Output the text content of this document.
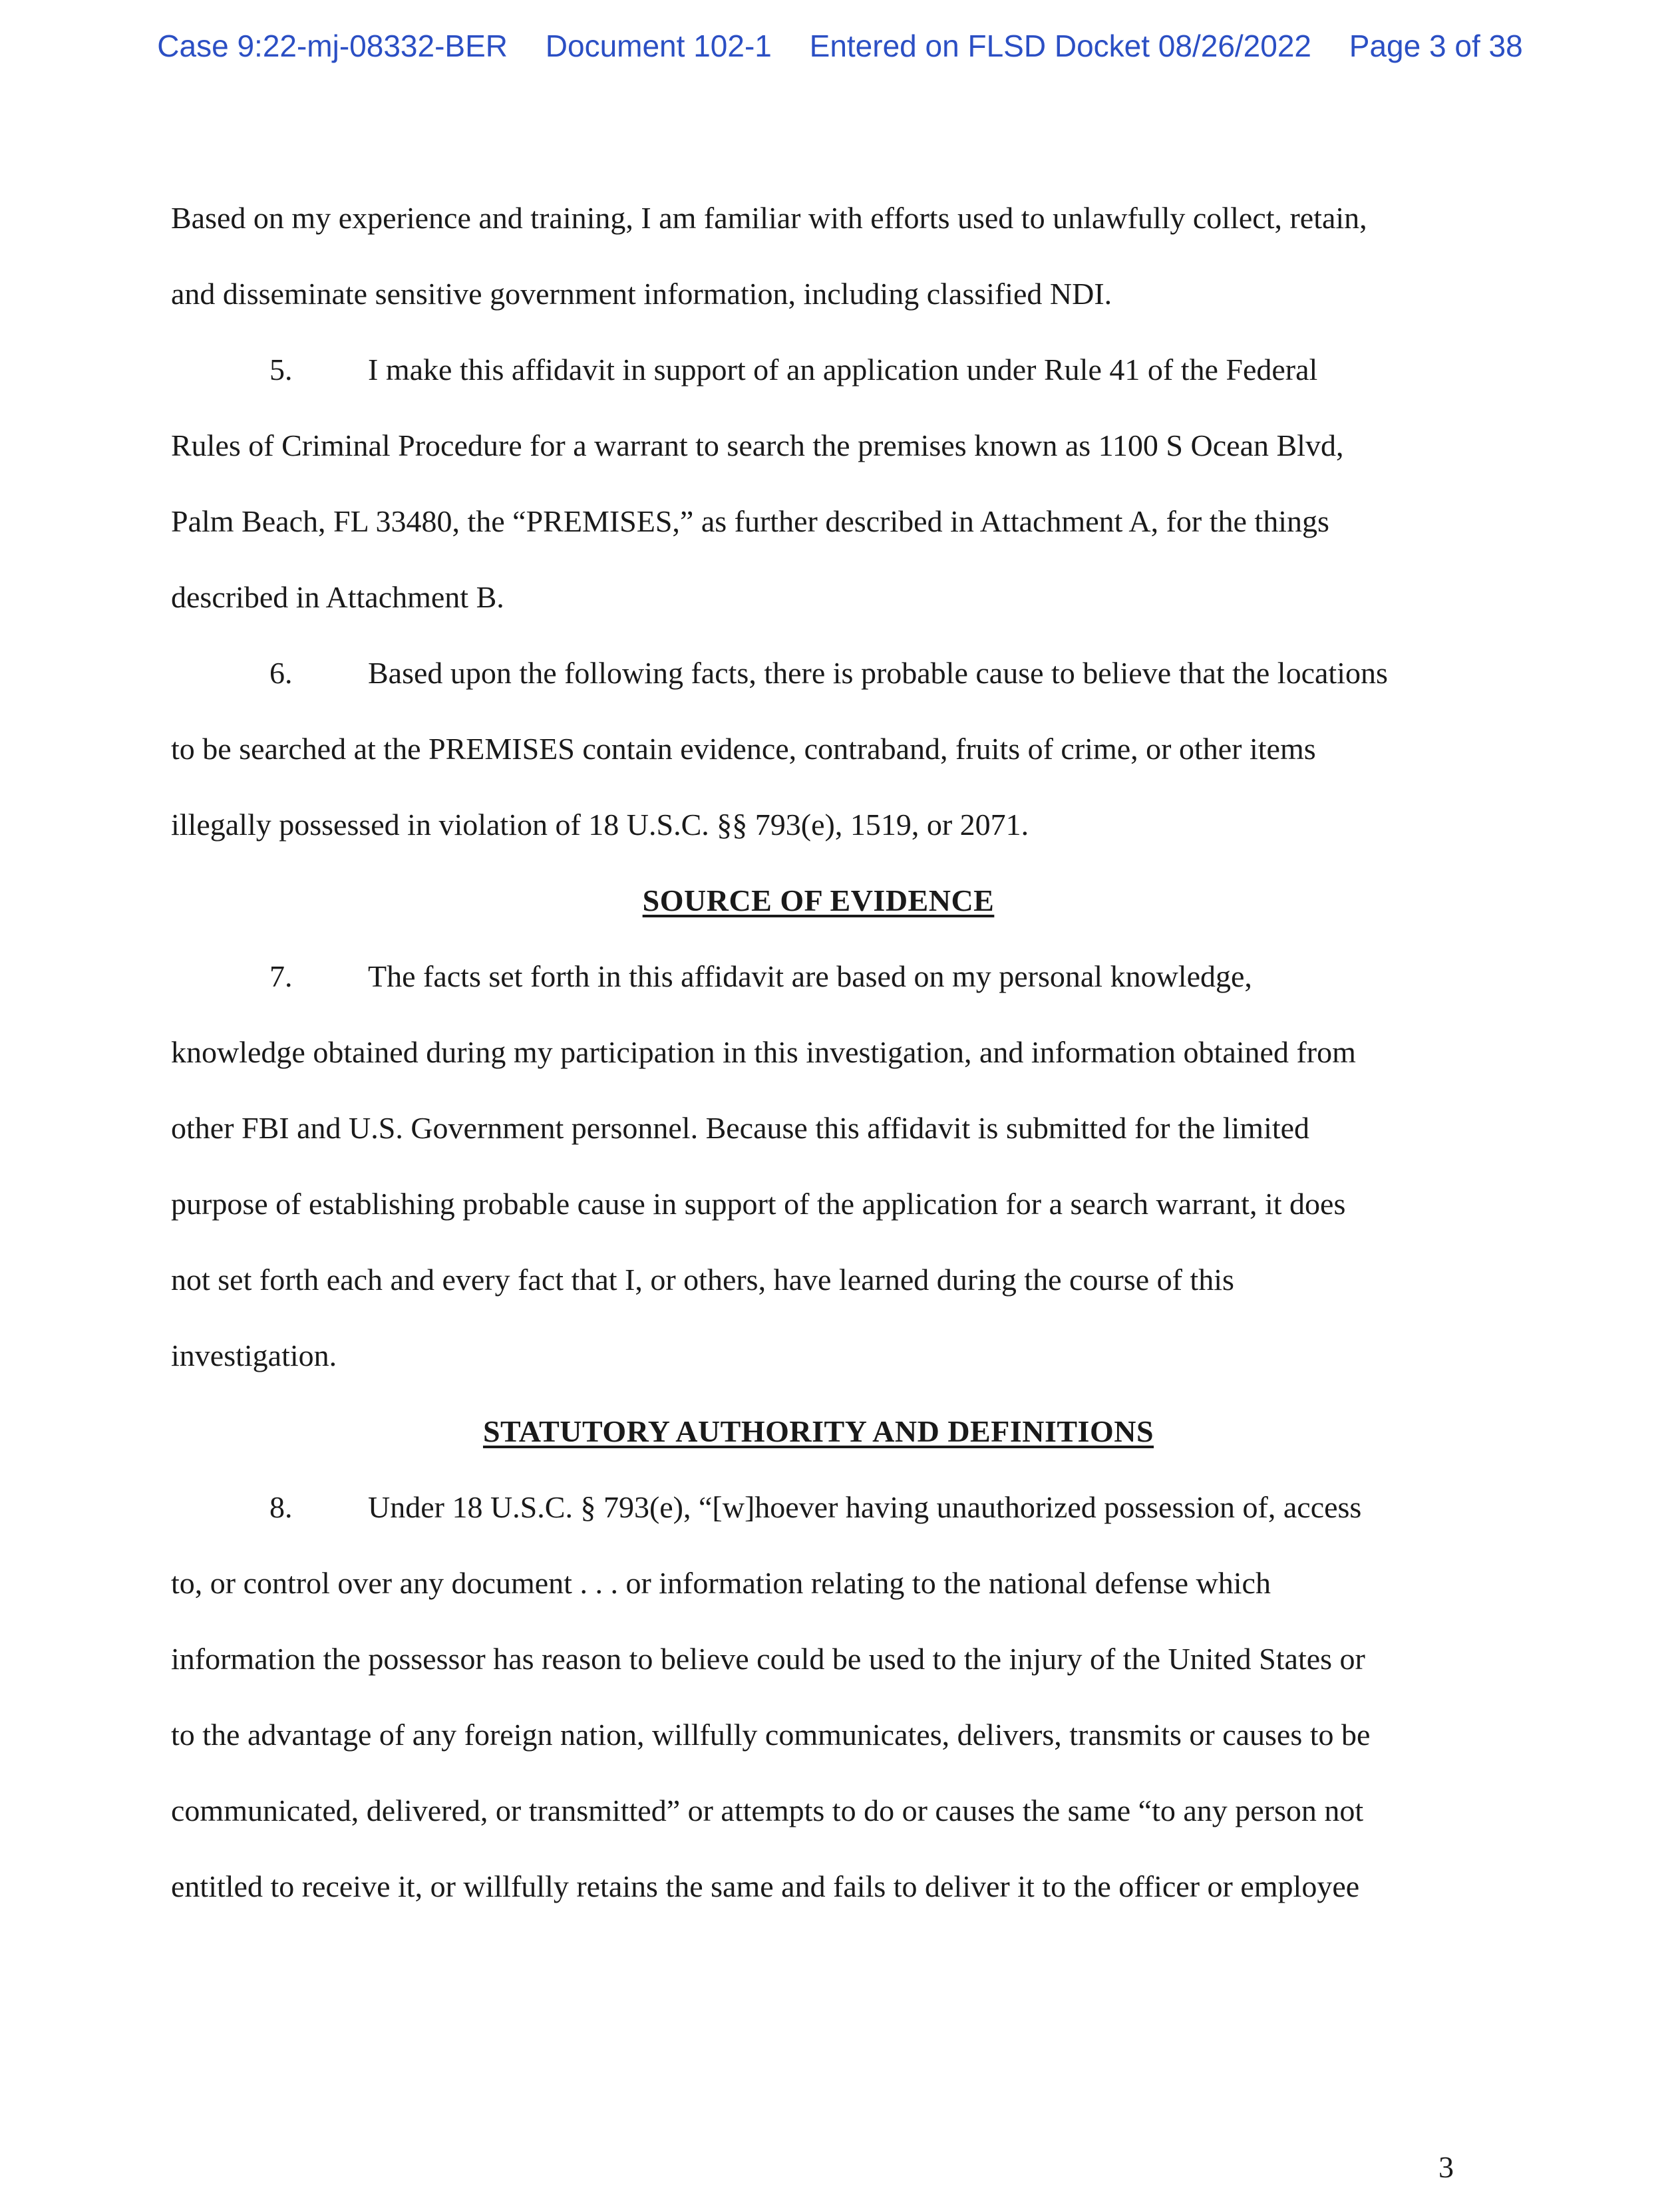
Case 9:22-mj-08332-BER Document 102-1 Entered on FLSD Docket 08/26/2022 Page 3 of 38
Based on my experience and training, I am familiar with efforts used to unlawfully collect, retain,
and disseminate sensitive government information, including classified NDI.
5. I make this affidavit in support of an application under Rule 41 of the Federal
Rules of Criminal Procedure for a warrant to search the premises known as 1100 S Ocean Blvd,
Palm Beach, FL 33480, the “PREMISES,” as further described in Attachment A, for the things
described in Attachment B.
6. Based upon the following facts, there is probable cause to believe that the locations
to be searched at the PREMISES contain evidence, contraband, fruits of crime, or other items
illegally possessed in violation of 18 U.S.C. §§ 793(e), 1519, or 2071.
SOURCE OF EVIDENCE
7. The facts set forth in this affidavit are based on my personal knowledge,
knowledge obtained during my participation in this investigation, and information obtained from
other FBI and U.S. Government personnel. Because this affidavit is submitted for the limited
purpose of establishing probable cause in support of the application for a search warrant, it does
not set forth each and every fact that I, or others, have learned during the course of this
investigation.
STATUTORY AUTHORITY AND DEFINITIONS
8. Under 18 U.S.C. § 793(e), “[w]hoever having unauthorized possession of, access
to, or control over any document . . . or information relating to the national defense which
information the possessor has reason to believe could be used to the injury of the United States or
to the advantage of any foreign nation, willfully communicates, delivers, transmits or causes to be
communicated, delivered, or transmitted” or attempts to do or causes the same “to any person not
entitled to receive it, or willfully retains the same and fails to deliver it to the officer or employee
3
